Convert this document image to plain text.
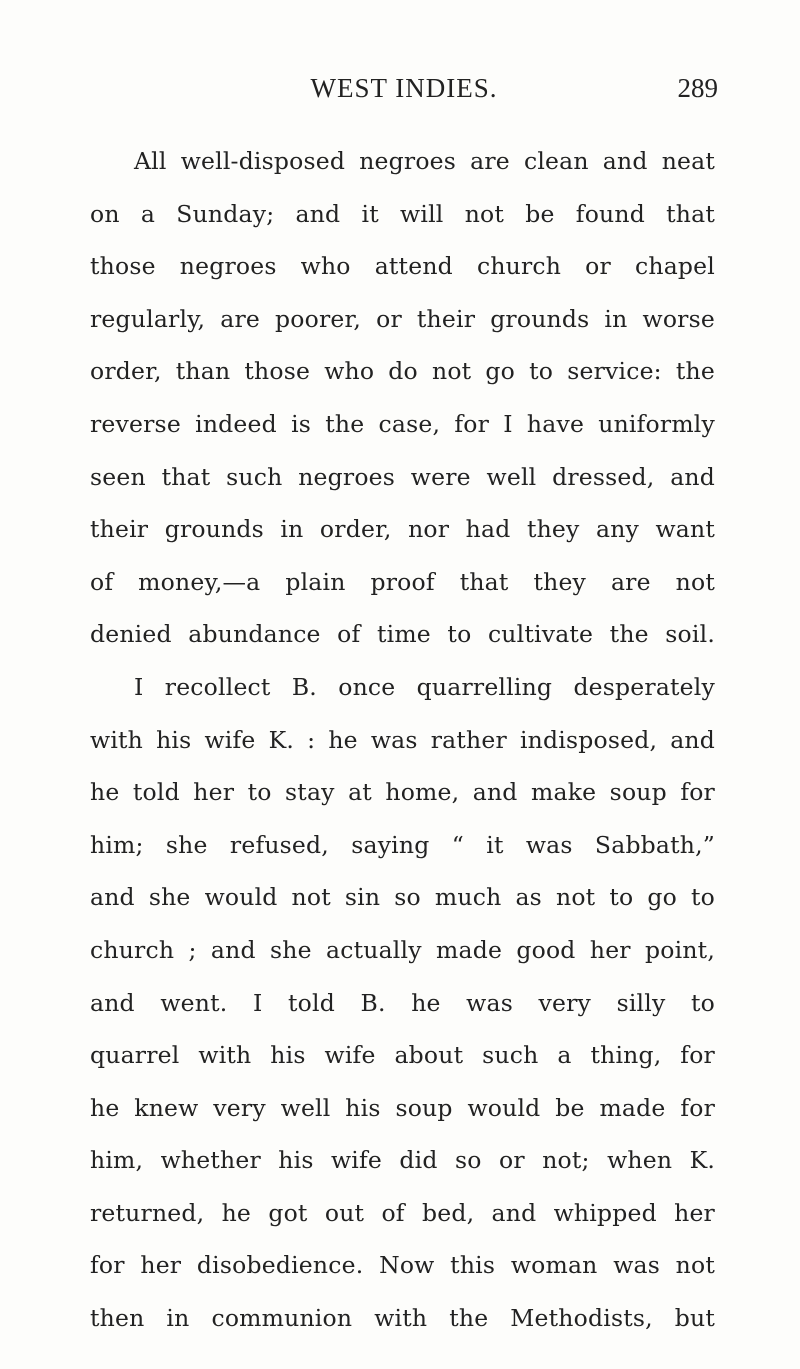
WEST INDIES.	289
All well-disposed negroes are clean and neat
on a Sunday; and it will not be found that
those negroes who attend church or chapel
regularly, are poorer, or their grounds in worse
order, than those who do not go to service: the
reverse indeed is the case, for I have uniformly
seen that such negroes were well dressed, and
their grounds in order, nor had they any want
of money,—a plain proof that they are not
denied abundance of time to cultivate the soil.
I recollect B. once quarrelling desperately
with his wife K. : he was rather indisposed, and
he told her to stay at home, and make soup for
him; she refused, saying “ it was Sabbath,”
and she would not sin so much as not to go to
church ; and she actually made good her point,
and went. I told B. he was very silly to
quarrel with his wife about such a thing, for
he knew very well his soup would be made for
him, whether his wife did so or not; when K.
returned, he got out of bed, and whipped her
for her disobedience. Now this woman was not
then in communion with the Methodists, but
